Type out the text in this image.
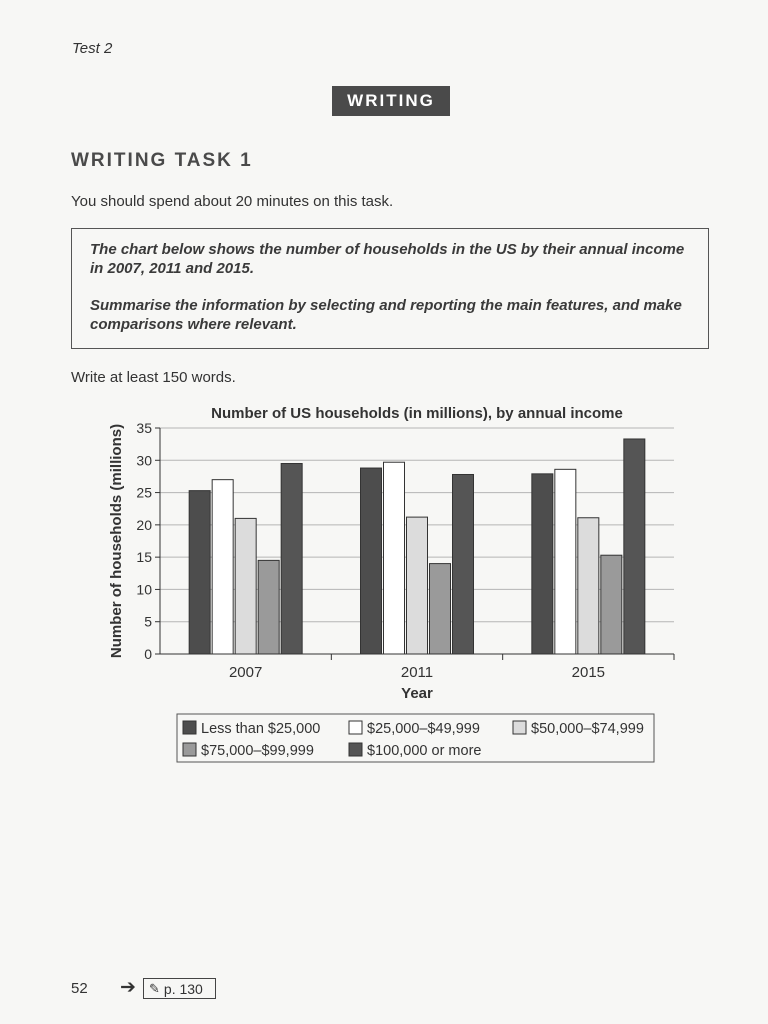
Test 2
WRITING
WRITING TASK 1
You should spend about 20 minutes on this task.

The chart below shows the number of households in the US by their annual income in 2007, 2011 and 2015.

Summarise the information by selecting and reporting the main features, and make comparisons where relevant.

Write at least 150 words.
Number of US households (in millions), by annual income
0
5
10
15
20
25
30
35
Number of households (millions)
2007	2011	2015
Year
Less than $25,000	$25,000–$49,999	$50,000–$74,999
$75,000–$99,999	$100,000 or more
52 ➔ ✎ p. 130
